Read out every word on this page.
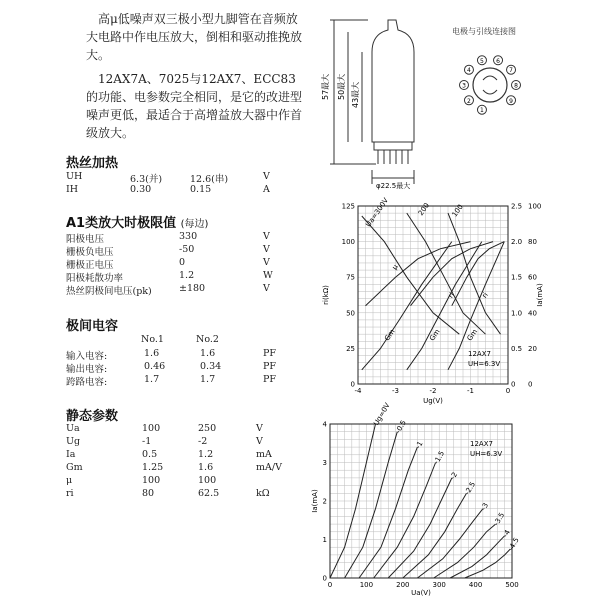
高μ低噪声双三极小型九脚管在音频放大电路中作电压放大，倒相和驱动推挽放大。

12AX7A、7025与12AX7、ECC83的功能、电参数完全相同，是它的改进型噪声更低，最适合于高增益放大器中作首级放大。

热丝加热
UH	6.3(并)	12.6(串)	V
IH	0.30	0.15	A
A1类放大时极限值 (每边)
阳极电压	330	V
栅极负电压	-50	V
栅极正电压	0	V
阳极耗散功率	1.2	W
热丝阴极间电压(pk)	±180	V
极间电容
No.1	No.2
输入电容:	1.6	1.6	PF
输出电容:	0.46	0.34	PF
跨路电容:	1.7	1.7	PF
静态参数
Ua	100	250	V
Ug	-1	-2	V
Ia	0.5	1.2	mA
Gm	1.25	1.6	mA/V
μ	100	100
ri	80	62.5	kΩ
57最大 50最大 43最大
φ22.5最大
电极与引线连接图
1
2
3
4
5 6
7
8
9
-4	-3	-2	-1	0
0
25
50
75
100
125
0
0.5
1.0
1.5
2.0
2.5
0
20
40
60
80
100
Ug(V)
ri(kΩ)	Ia(mA)
12AX7
UH=6.3V
Ua=300V	200	100
Gm	Gm	Gm
ri	ri
μ
0	100	200	300	400	500
0
1
2
3
4
Ua(V)
Ia(mA)
12AX7
UH=6.3V
Ug=0V -0.5
-1
-1.5
-2
-2.5
-3
-3.5
-4
-4.5
